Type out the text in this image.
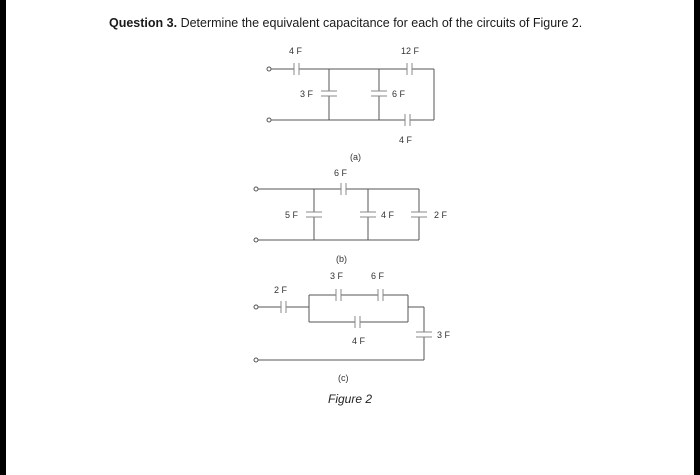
Question 3. Determine the equivalent capacitance for each of the circuits of Figure 2.
4 F	12 F
3 F	6 F
4 F
(a)
6 F
5 F	4 F	2 F
(b)
2 F
3 F	6 F
4 F
3 F
(c)
Figure 2
